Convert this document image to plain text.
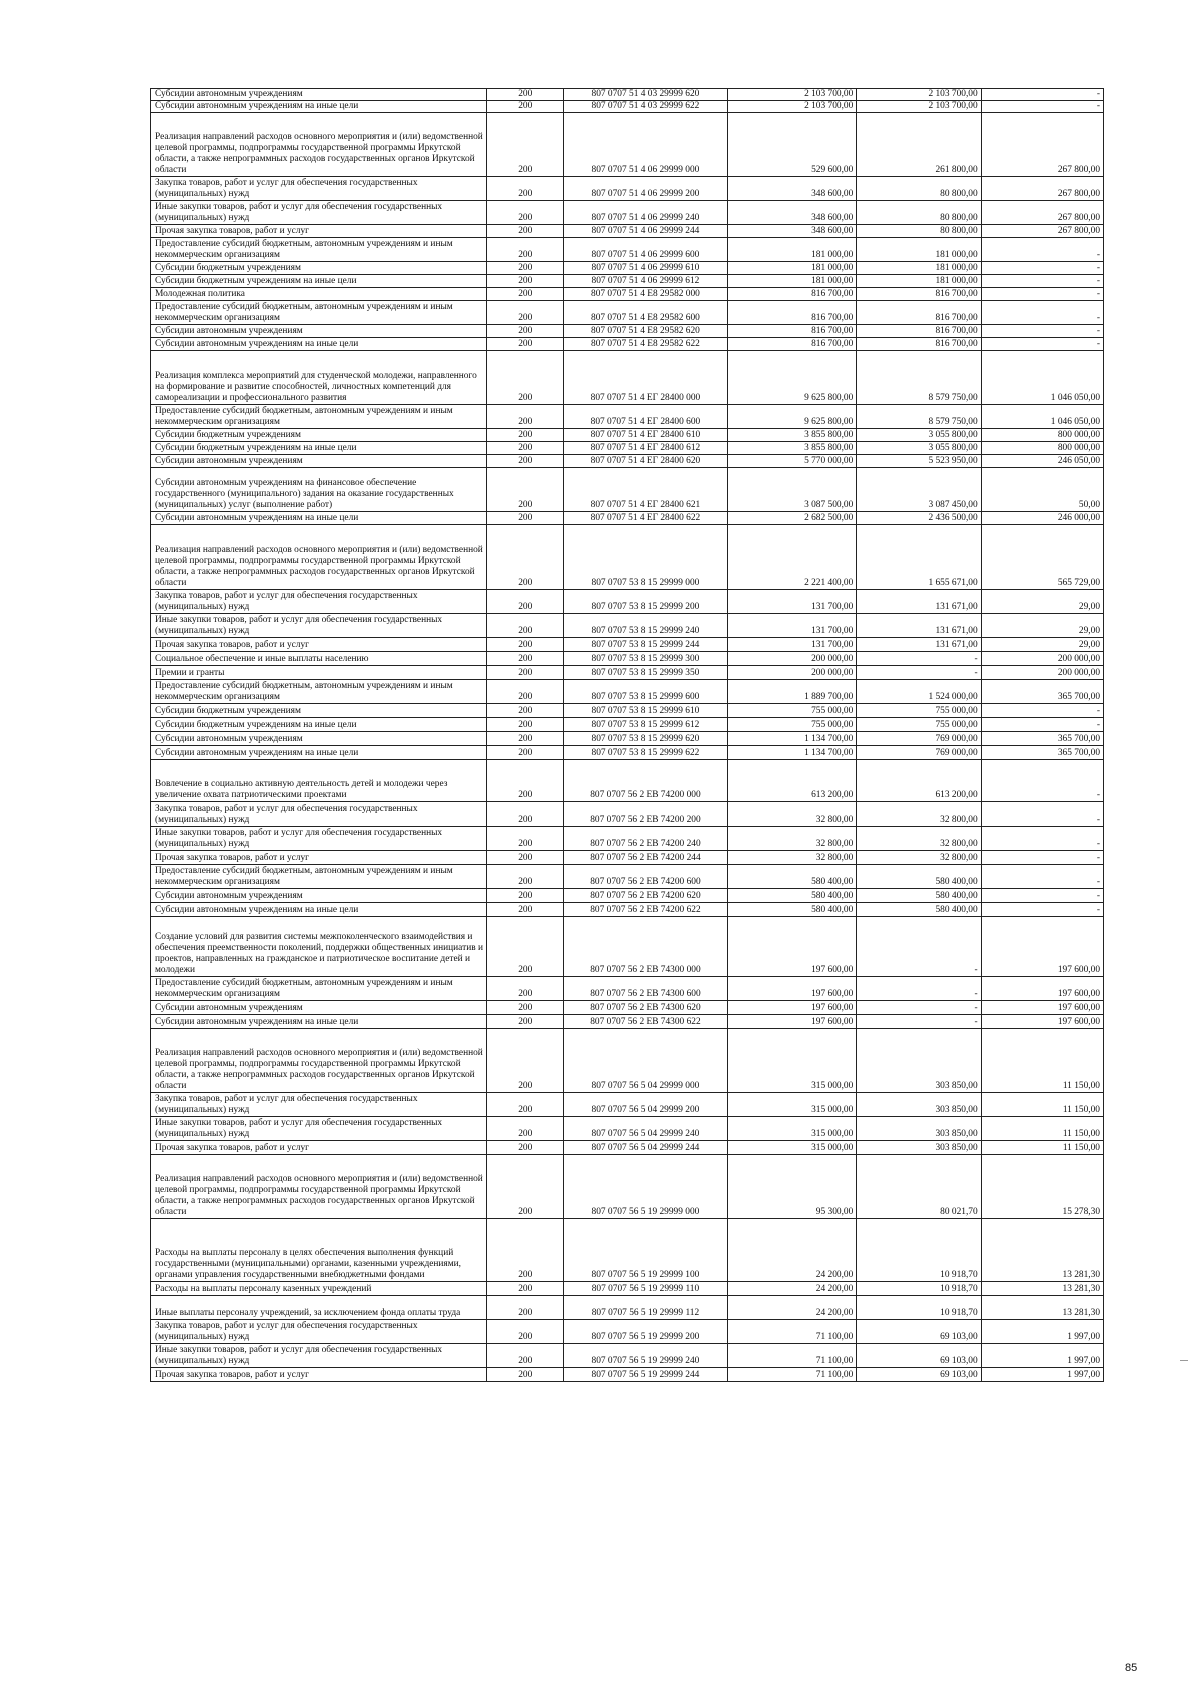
Субсидии автономным учреждениям	200	807 0707 51 4 03 29999 620	2 103 700,00	2 103 700,00	-
Субсидии автономным учреждениям на иные цели	200	807 0707 51 4 03 29999 622	2 103 700,00	2 103 700,00	-
Реализация направлений расходов основного мероприятия и (или) ведомственной целевой программы, подпрограммы государственной программы Иркутской области, а также непрограммных расходов государственных органов Иркутской области	200	807 0707 51 4 06 29999 000	529 600,00	261 800,00	267 800,00
Закупка товаров, работ и услуг для обеспечения государственных (муниципальных) нужд	200	807 0707 51 4 06 29999 200	348 600,00	80 800,00	267 800,00
Иные закупки товаров, работ и услуг для обеспечения государственных (муниципальных) нужд	200	807 0707 51 4 06 29999 240	348 600,00	80 800,00	267 800,00
Прочая закупка товаров, работ и услуг	200	807 0707 51 4 06 29999 244	348 600,00	80 800,00	267 800,00
Предоставление субсидий бюджетным, автономным учреждениям и иным некоммерческим организациям	200	807 0707 51 4 06 29999 600	181 000,00	181 000,00	-
Субсидии бюджетным учреждениям	200	807 0707 51 4 06 29999 610	181 000,00	181 000,00	-
Субсидии бюджетным учреждениям на иные цели	200	807 0707 51 4 06 29999 612	181 000,00	181 000,00	-
Молодежная политика	200	807 0707 51 4 E8 29582 000	816 700,00	816 700,00	-
Предоставление субсидий бюджетным, автономным учреждениям и иным некоммерческим организациям	200	807 0707 51 4 E8 29582 600	816 700,00	816 700,00	-
Субсидии автономным учреждениям	200	807 0707 51 4 E8 29582 620	816 700,00	816 700,00	-
Субсидии автономным учреждениям на иные цели	200	807 0707 51 4 E8 29582 622	816 700,00	816 700,00	-
Реализация комплекса мероприятий для студенческой молодежи, направленного на формирование и развитие способностей, личностных компетенций для самореализации и профессионального развития	200	807 0707 51 4 ЕГ 28400 000	9 625 800,00	8 579 750,00	1 046 050,00
Предоставление субсидий бюджетным, автономным учреждениям и иным некоммерческим организациям	200	807 0707 51 4 ЕГ 28400 600	9 625 800,00	8 579 750,00	1 046 050,00
Субсидии бюджетным учреждениям	200	807 0707 51 4 ЕГ 28400 610	3 855 800,00	3 055 800,00	800 000,00
Субсидии бюджетным учреждениям на иные цели	200	807 0707 51 4 ЕГ 28400 612	3 855 800,00	3 055 800,00	800 000,00
Субсидии автономным учреждениям	200	807 0707 51 4 ЕГ 28400 620	5 770 000,00	5 523 950,00	246 050,00
Субсидии автономным учреждениям на финансовое обеспечение государственного (муниципального) задания на оказание государственных (муниципальных) услуг (выполнение работ)	200	807 0707 51 4 ЕГ 28400 621	3 087 500,00	3 087 450,00	50,00
Субсидии автономным учреждениям на иные цели	200	807 0707 51 4 ЕГ 28400 622	2 682 500,00	2 436 500,00	246 000,00
Реализация направлений расходов основного мероприятия и (или) ведомственной целевой программы, подпрограммы государственной программы Иркутской области, а также непрограммных расходов государственных органов Иркутской области	200	807 0707 53 8 15 29999 000	2 221 400,00	1 655 671,00	565 729,00
Закупка товаров, работ и услуг для обеспечения государственных (муниципальных) нужд	200	807 0707 53 8 15 29999 200	131 700,00	131 671,00	29,00
Иные закупки товаров, работ и услуг для обеспечения государственных (муниципальных) нужд	200	807 0707 53 8 15 29999 240	131 700,00	131 671,00	29,00
Прочая закупка товаров, работ и услуг	200	807 0707 53 8 15 29999 244	131 700,00	131 671,00	29,00
Социальное обеспечение и иные выплаты населению	200	807 0707 53 8 15 29999 300	200 000,00	-	200 000,00
Премии и гранты	200	807 0707 53 8 15 29999 350	200 000,00	-	200 000,00
Предоставление субсидий бюджетным, автономным учреждениям и иным некоммерческим организациям	200	807 0707 53 8 15 29999 600	1 889 700,00	1 524 000,00	365 700,00
Субсидии бюджетным учреждениям	200	807 0707 53 8 15 29999 610	755 000,00	755 000,00	-
Субсидии бюджетным учреждениям на иные цели	200	807 0707 53 8 15 29999 612	755 000,00	755 000,00	-
Субсидии автономным учреждениям	200	807 0707 53 8 15 29999 620	1 134 700,00	769 000,00	365 700,00
Субсидии автономным учреждениям на иные цели	200	807 0707 53 8 15 29999 622	1 134 700,00	769 000,00	365 700,00
Вовлечение в социально активную деятельность детей и молодежи через увеличение охвата патриотическими проектами	200	807 0707 56 2 EB 74200 000	613 200,00	613 200,00	-
Закупка товаров, работ и услуг для обеспечения государственных (муниципальных) нужд	200	807 0707 56 2 EB 74200 200	32 800,00	32 800,00	-
Иные закупки товаров, работ и услуг для обеспечения государственных (муниципальных) нужд	200	807 0707 56 2 EB 74200 240	32 800,00	32 800,00	-
Прочая закупка товаров, работ и услуг	200	807 0707 56 2 EB 74200 244	32 800,00	32 800,00	-
Предоставление субсидий бюджетным, автономным учреждениям и иным некоммерческим организациям	200	807 0707 56 2 EB 74200 600	580 400,00	580 400,00	-
Субсидии автономным учреждениям	200	807 0707 56 2 EB 74200 620	580 400,00	580 400,00	-
Субсидии автономным учреждениям на иные цели	200	807 0707 56 2 EB 74200 622	580 400,00	580 400,00	-
Создание условий для развития системы межпоколенческого взаимодействия и обеспечения преемственности поколений, поддержки общественных инициатив и проектов, направленных на гражданское и патриотическое воспитание детей и молодежи	200	807 0707 56 2 EB 74300 000	197 600,00	-	197 600,00
Предоставление субсидий бюджетным, автономным учреждениям и иным некоммерческим организациям	200	807 0707 56 2 EB 74300 600	197 600,00	-	197 600,00
Субсидии автономным учреждениям	200	807 0707 56 2 EB 74300 620	197 600,00	-	197 600,00
Субсидии автономным учреждениям на иные цели	200	807 0707 56 2 EB 74300 622	197 600,00	-	197 600,00
Реализация направлений расходов основного мероприятия и (или) ведомственной целевой программы, подпрограммы государственной программы Иркутской области, а также непрограммных расходов государственных органов Иркутской области	200	807 0707 56 5 04 29999 000	315 000,00	303 850,00	11 150,00
Закупка товаров, работ и услуг для обеспечения государственных (муниципальных) нужд	200	807 0707 56 5 04 29999 200	315 000,00	303 850,00	11 150,00
Иные закупки товаров, работ и услуг для обеспечения государственных (муниципальных) нужд	200	807 0707 56 5 04 29999 240	315 000,00	303 850,00	11 150,00
Прочая закупка товаров, работ и услуг	200	807 0707 56 5 04 29999 244	315 000,00	303 850,00	11 150,00
Реализация направлений расходов основного мероприятия и (или) ведомственной целевой программы, подпрограммы государственной программы Иркутской области, а также непрограммных расходов государственных органов Иркутской области	200	807 0707 56 5 19 29999 000	95 300,00	80 021,70	15 278,30
Расходы на выплаты персоналу в целях обеспечения выполнения функций государственными (муниципальными) органами, казенными учреждениями, органами управления государственными внебюджетными фондами	200	807 0707 56 5 19 29999 100	24 200,00	10 918,70	13 281,30
Расходы на выплаты персоналу казенных учреждений	200	807 0707 56 5 19 29999 110	24 200,00	10 918,70	13 281,30
Иные выплаты персоналу учреждений, за исключением фонда оплаты труда	200	807 0707 56 5 19 29999 112	24 200,00	10 918,70	13 281,30
Закупка товаров, работ и услуг для обеспечения государственных (муниципальных) нужд	200	807 0707 56 5 19 29999 200	71 100,00	69 103,00	1 997,00
Иные закупки товаров, работ и услуг для обеспечения государственных (муниципальных) нужд	200	807 0707 56 5 19 29999 240	71 100,00	69 103,00	1 997,00
Прочая закупка товаров, работ и услуг	200	807 0707 56 5 19 29999 244	71 100,00	69 103,00	1 997,00
85
